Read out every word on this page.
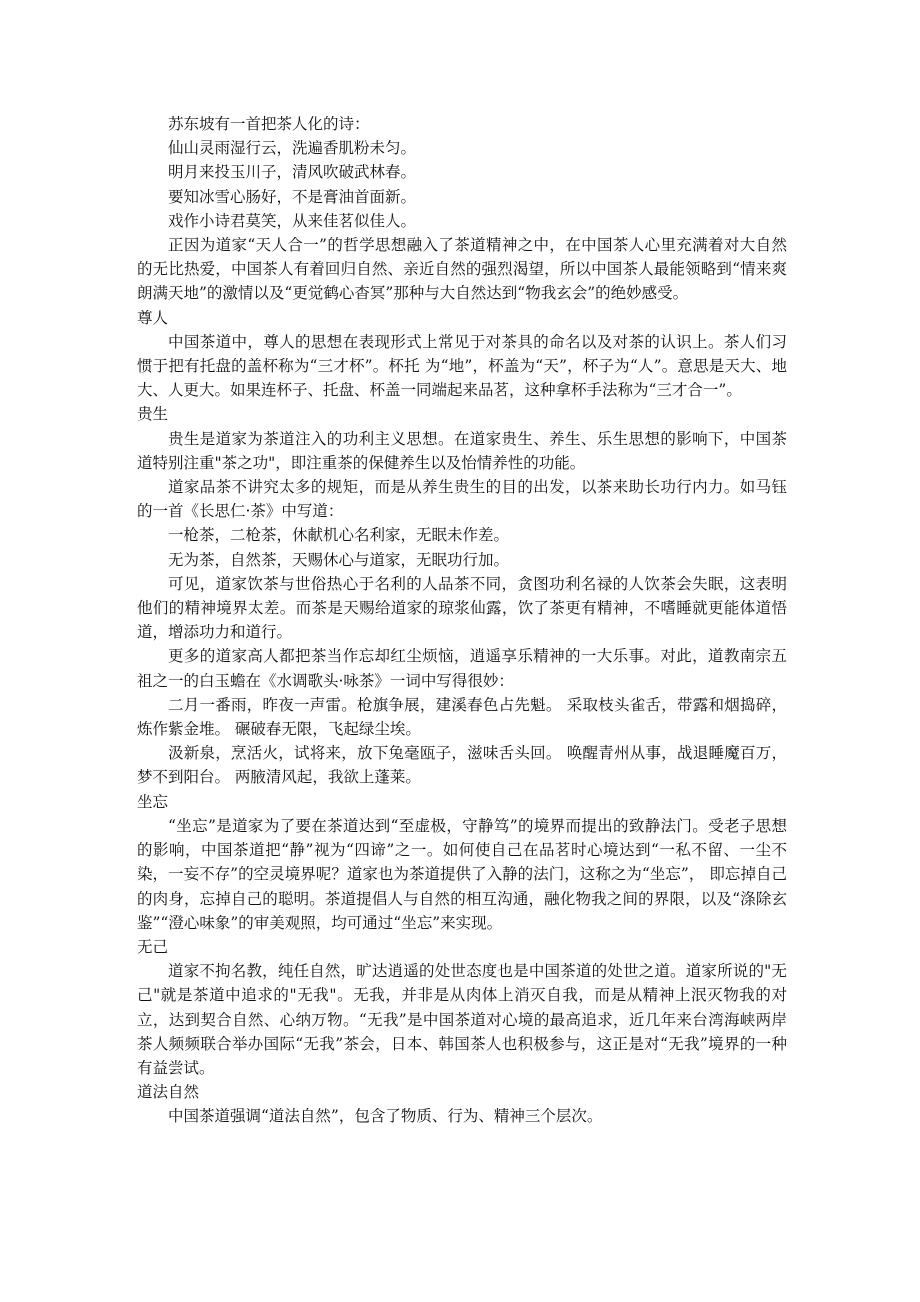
苏东坡有一首把茶人化的诗：

仙山灵雨湿行云，洗遍香肌粉未匀。

明月来投玉川子，清风吹破武林春。

要知冰雪心肠好，不是膏油首面新。

戏作小诗君莫笑，从来佳茗似佳人。

正因为道家“天人合一”的哲学思想融入了茶道精神之中，在中国茶人心里充满着对大自然的无比热爱，中国茶人有着回归自然、亲近自然的强烈渴望，所以中国茶人最能领略到“情来爽朗满天地”的激情以及“更觉鹤心杳冥”那种与大自然达到“物我玄会”的绝妙感受。

尊人

中国茶道中，尊人的思想在表现形式上常见于对茶具的命名以及对茶的认识上。茶人们习惯于把有托盘的盖杯称为“三才杯”。杯托 为“地”，杯盖为“天”，杯子为“人”。意思是天大、地大、人更大。如果连杯子、托盘、杯盖一同端起来品茗，这种拿杯手法称为“三才合一”。

贵生

贵生是道家为茶道注入的功利主义思想。在道家贵生、养生、乐生思想的影响下，中国茶道特别注重"茶之功"，即注重茶的保健养生以及怡情养性的功能。

道家品茶不讲究太多的规矩，而是从养生贵生的目的出发，以茶来助长功行内力。如马钰的一首《长思仁·茶》中写道：

一枪茶，二枪茶，休献机心名利家，无眠未作差。

无为茶，自然茶，天赐休心与道家，无眠功行加。

可见，道家饮茶与世俗热心于名利的人品茶不同，贪图功利名禄的人饮茶会失眠，这表明他们的精神境界太差。而茶是天赐给道家的琼浆仙露，饮了茶更有精神，不嗜睡就更能体道悟道，增添功力和道行。

更多的道家高人都把茶当作忘却红尘烦恼，逍遥享乐精神的一大乐事。对此，道教南宗五祖之一的白玉蟾在《水调歌头·咏茶》一词中写得很妙：

二月一番雨，昨夜一声雷。枪旗争展，建溪春色占先魁。 采取枝头雀舌，带露和烟捣碎，炼作紫金堆。 碾破春无限，飞起绿尘埃。

汲新泉，烹活火，试将来，放下兔毫瓯子，滋味舌头回。 唤醒青州从事，战退睡魔百万，梦不到阳台。 两腋清风起，我欲上蓬莱。

坐忘

“坐忘”是道家为了要在茶道达到“至虚极，守静笃”的境界而提出的致静法门。受老子思想的影响，中国茶道把“静”视为“四谛”之一。如何使自己在品茗时心境达到“一私不留、一尘不染，一妄不存”的空灵境界呢？道家也为茶道提供了入静的法门，这称之为“坐忘”， 即忘掉自己的肉身，忘掉自己的聪明。茶道提倡人与自然的相互沟通，融化物我之间的界限，以及“涤除玄鉴”“澄心味象”的审美观照，均可通过“坐忘”来实现。

无己

道家不拘名教，纯任自然，旷达逍遥的处世态度也是中国茶道的处世之道。道家所说的"无己"就是茶道中追求的"无我"。无我，并非是从肉体上消灭自我，而是从精神上泯灭物我的对立，达到契合自然、心纳万物。“无我”是中国茶道对心境的最高追求，近几年来台湾海峡两岸茶人频频联合举办国际“无我”茶会，日本、韩国茶人也积极参与，这正是对“无我”境界的一种有益尝试。

道法自然

中国茶道强调“道法自然”，包含了物质、行为、精神三个层次。
